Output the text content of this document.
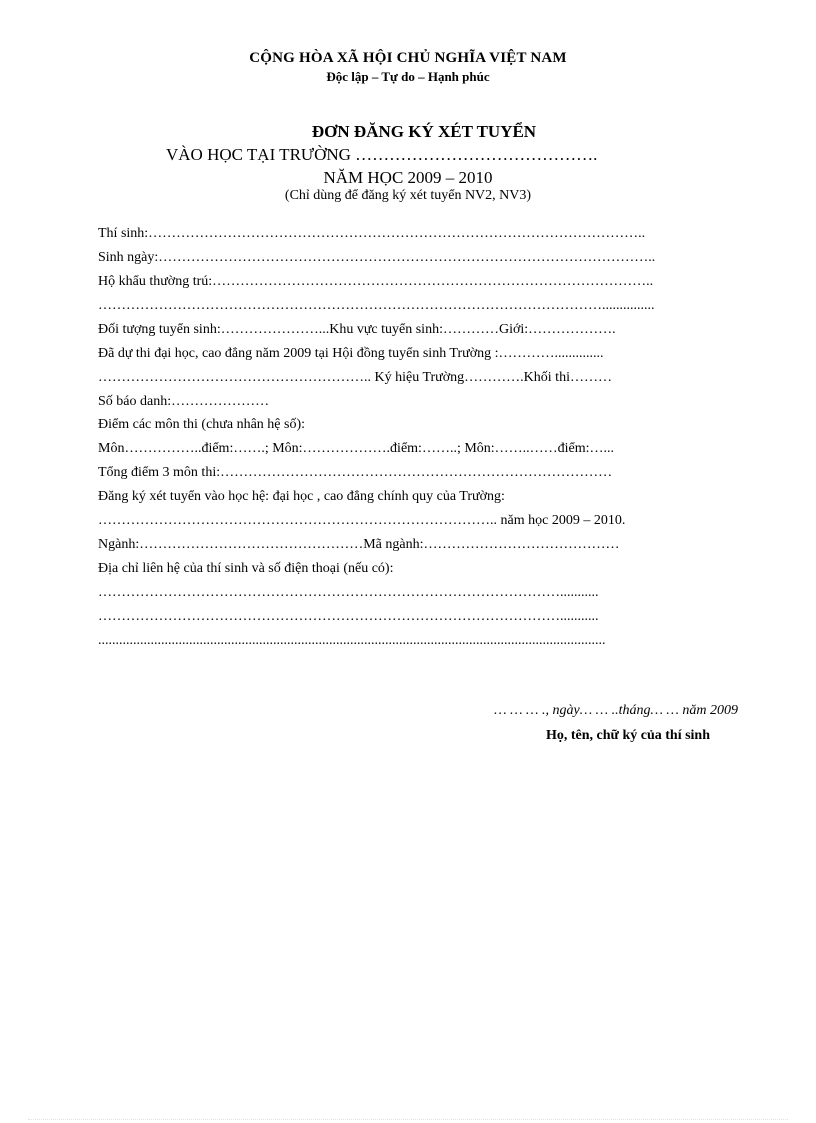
CỘNG HÒA XÃ HỘI CHỦ NGHĨA VIỆT NAM
Độc lập – Tự do – Hạnh phúc
ĐƠN ĐĂNG KÝ XÉT TUYỂN
VÀO HỌC TẠI TRƯỜNG …………………………………….
NĂM HỌC 2009 – 2010
(Chỉ dùng để đăng ký xét tuyển NV2, NV3)
Thí sinh:……………………………………………………………………………………………..
Sinh ngày:……………………………………………………………………………………………..
Hộ khẩu thường trú:…………………………………………………………………………………..
………………………………………………………………………………………………...............
Đối tượng tuyển sinh:…………………...Khu vực tuyển sinh:…………Giới:……………….
Đã dự thi đại học, cao đẳng năm 2009 tại Hội đồng tuyển sinh Trường :…………..............
………………………………………………….. Ký hiệu Trường………….Khối thi………
Số báo danh:…………………
Điểm các môn thi (chưa nhân hệ số):
Môn……………..điểm:…….; Môn:……………….điểm:……..; Môn:……..……điểm:…...
Tổng điểm 3 môn thi:…………………………………………………………………………
Đăng ký xét tuyển vào học hệ: đại học , cao đẳng chính quy của Trường:
………………………………………………………………………….. năm học 2009 – 2010.
Ngành:…………………………………………Mã ngành:……………………………………
Địa chỉ liên hệ của thí sinh và số điện thoại (nếu có):
………………………………………………………………………………………...........
………………………………………………………………………………………...........
.................................................................................................................................................
… … … ., ngày… … ..tháng… … năm 2009
Họ, tên, chữ ký của thí sinh
